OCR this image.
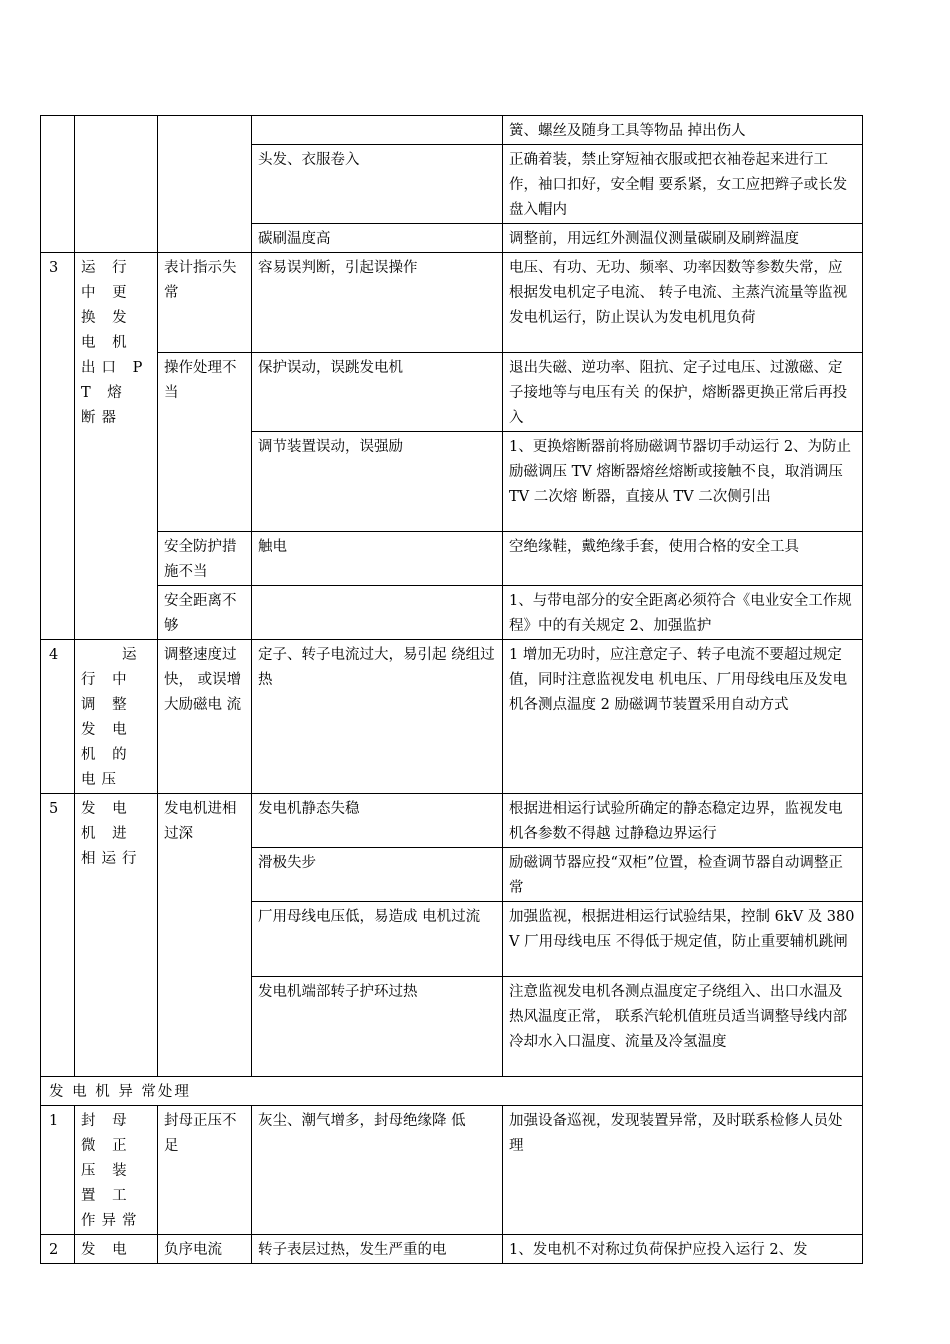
				簧、螺丝及随身工具等物品 掉出伤人
			头发、衣服卷入	正确着装，禁止穿短袖衣服或把衣袖卷起来进行工作，袖口扣好，安全帽 要系紧，女工应把辫子或长发盘入帽内
			碳刷温度高	调整前，用远红外测温仪测量碳刷及刷辫温度
3	运 行 中 更 换 发 电 机出口 PT 熔 断器	表计指示失常	容易误判断，引起误操作	电压、有功、无功、频率、功率因数等参数失常，应根据发电机定子电流、 转子电流、主蒸汽流量等监视发电机运行，防止误认为发电机甩负荷
		操作处理不当	保护误动，误跳发电机	退出失磁、逆功率、阻抗、定子过电压、过激磁、定子接地等与电压有关 的保护，熔断器更换正常后再投入
			调节装置误动，误强励	1、更换熔断器前将励磁调节器切手动运行 2、为防止励磁调压 TV 熔断器熔丝熔断或接触不良，取消调压 TV 二次熔 断器，直接从 TV 二次侧引出
		安全防护措施不当	触电	空绝缘鞋，戴绝缘手套，使用合格的安全工具
		安全距离不够		1、与带电部分的安全距离必须符合《电业安全工作规程》中的有关规定 2、加强监护
4	　　运 行 中 调 整 发 电 机 的电压	调整速度过快， 或误增大励磁电 流	定子、转子电流过大，易引起 绕组过热	1 增加无功时，应注意定子、转子电流不要超过规定值，同时注意监视发电 机电压、厂用母线电压及发电机各测点温度 2 励磁调节装置采用自动方式
5	发 电 机 进 相运行	发电机进相过深	发电机静态失稳	根据进相运行试验所确定的静态稳定边界，监视发电机各参数不得越 过静稳边界运行
			滑极失步	励磁调节器应投“双柜”位置，检查调节器自动调整正常
			厂用母线电压低，易造成 电机过流	加强监视，根据进相运行试验结果，控制 6kV 及 380V 厂用母线电压 不得低于规定值，防止重要辅机跳闸
			发电机端部转子护环过热	注意监视发电机各测点温度定子绕组入、出口水温及热风温度正常， 联系汽轮机值班员适当调整导线内部冷却水入口温度、流量及冷氢温度
发 电 机 异 常处理				
1	封 母 微 正 压 装 置 工 作异常	封母正压不足	灰尘、潮气增多，封母绝缘降 低	加强设备巡视，发现装置异常，及时联系检修人员处理
2	发 电	负序电流	转子表层过热，发生严重的电	1、发电机不对称过负荷保护应投入运行 2、发
